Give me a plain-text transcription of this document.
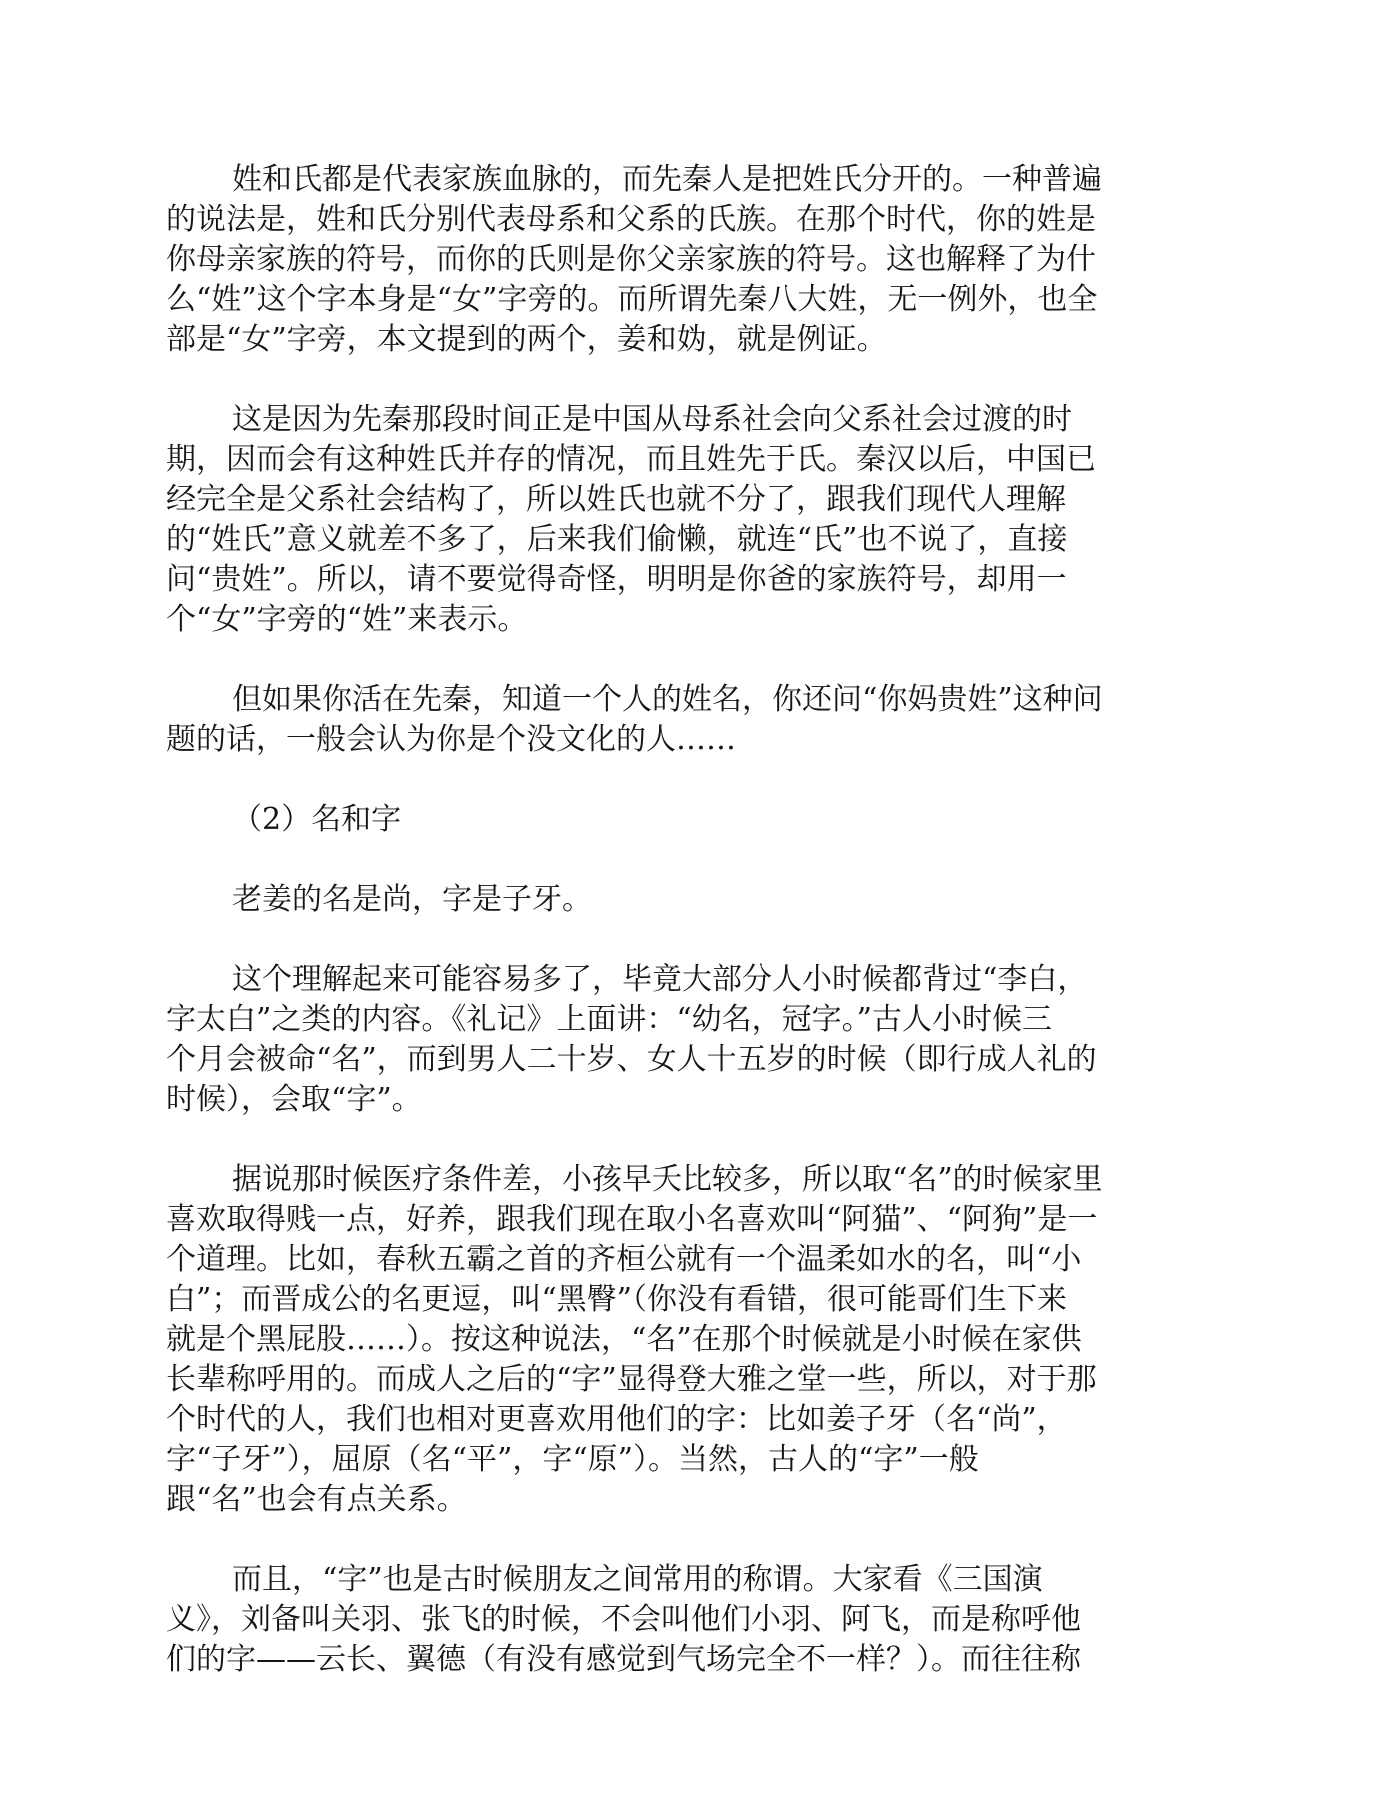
姓和氏都是代表家族血脉的，而先秦人是把姓氏分开的。一种普遍
的说法是，姓和氏分别代表母系和父系的氏族。在那个时代，你的姓是
你母亲家族的符号，而你的氏则是你父亲家族的符号。这也解释了为什
么“姓”这个字本身是“女”字旁的。而所谓先秦八大姓，无一例外，也全
部是“女”字旁，本文提到的两个，姜和妫，就是例证。

这是因为先秦那段时间正是中国从母系社会向父系社会过渡的时
期，因而会有这种姓氏并存的情况，而且姓先于氏。秦汉以后，中国已
经完全是父系社会结构了，所以姓氏也就不分了，跟我们现代人理解
的“姓氏”意义就差不多了，后来我们偷懒，就连“氏”也不说了，直接
问“贵姓”。所以，请不要觉得奇怪，明明是你爸的家族符号，却用一
个“女”字旁的“姓”来表示。

但如果你活在先秦，知道一个人的姓名，你还问“你妈贵姓”这种问
题的话，一般会认为你是个没文化的人……

（2）名和字

老姜的名是尚，字是子牙。

这个理解起来可能容易多了，毕竟大部分人小时候都背过“李白，
字太白”之类的内容。《礼记》上面讲：“幼名，冠字。”古人小时候三
个月会被命“名”，而到男人二十岁、女人十五岁的时候（即行成人礼的
时候），会取“字”。

据说那时候医疗条件差，小孩早夭比较多，所以取“名”的时候家里
喜欢取得贱一点，好养，跟我们现在取小名喜欢叫“阿猫”、“阿狗”是一
个道理。比如，春秋五霸之首的齐桓公就有一个温柔如水的名，叫“小
白”；而晋成公的名更逗，叫“黑臀”（你没有看错，很可能哥们生下来
就是个黑屁股……）。按这种说法，“名”在那个时候就是小时候在家供
长辈称呼用的。而成人之后的“字”显得登大雅之堂一些，所以，对于那
个时代的人，我们也相对更喜欢用他们的字：比如姜子牙（名“尚”，
字“子牙”），屈原（名“平”，字“原”）。当然，古人的“字”一般
跟“名”也会有点关系。

而且，“字”也是古时候朋友之间常用的称谓。大家看《三国演
义》，刘备叫关羽、张飞的时候，不会叫他们小羽、阿飞，而是称呼他
们的字——云长、翼德（有没有感觉到气场完全不一样？）。而往往称
